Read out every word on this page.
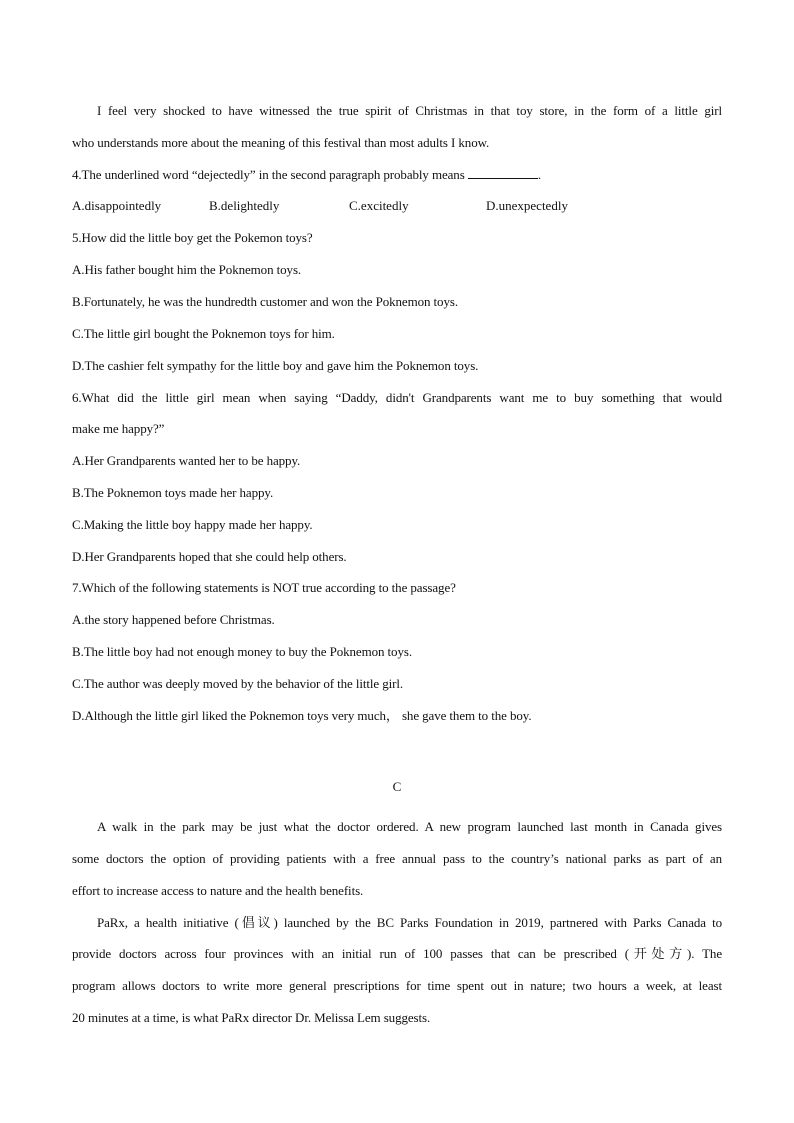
I feel very shocked to have witnessed the true spirit of Christmas in that toy store, in the form of a little girl
who understands more about the meaning of this festival than most adults I know.
4.The underlined word “dejectedly” in the second paragraph probably means	.
A.disappointedly	B.delightedly	C.excitedly	D.unexpectedly
5.How did the little boy get the Pokemon toys?
A.His father bought him the Poknemon toys.
B.Fortunately, he was the hundredth customer and won the Poknemon toys.
C.The little girl bought the Poknemon toys for him.
D.The cashier felt sympathy for the little boy and gave him the Poknemon toys.
6.What did the little girl mean when saying “Daddy, didn't Grandparents want me to buy something that would
make me happy?”
A.Her Grandparents wanted her to be happy.
B.The Poknemon toys made her happy.
C.Making the little boy happy made her happy.
D.Her Grandparents hoped that she could help others.
7.Which of the following statements is NOT true according to the passage?
A.the story happened before Christmas.
B.The little boy had not enough money to buy the Poknemon toys.
C.The author was deeply moved by the behavior of the little girl.
D.Although the little girl liked the Poknemon toys very much， she gave them to the boy.
C
A walk in the park may be just what the doctor ordered. A new program launched last month in Canada gives
some doctors the option of providing patients with a free annual pass to the country’s national parks as part of an
effort to increase access to nature and the health benefits.
PaRx, a health initiative (倡议) launched by the BC Parks Foundation in 2019, partnered with Parks Canada to
provide doctors across four provinces with an initial run of 100 passes that can be prescribed (开处方). The
program allows doctors to write more general prescriptions for time spent out in nature; two hours a week, at least
20 minutes at a time, is what PaRx director Dr. Melissa Lem suggests.
